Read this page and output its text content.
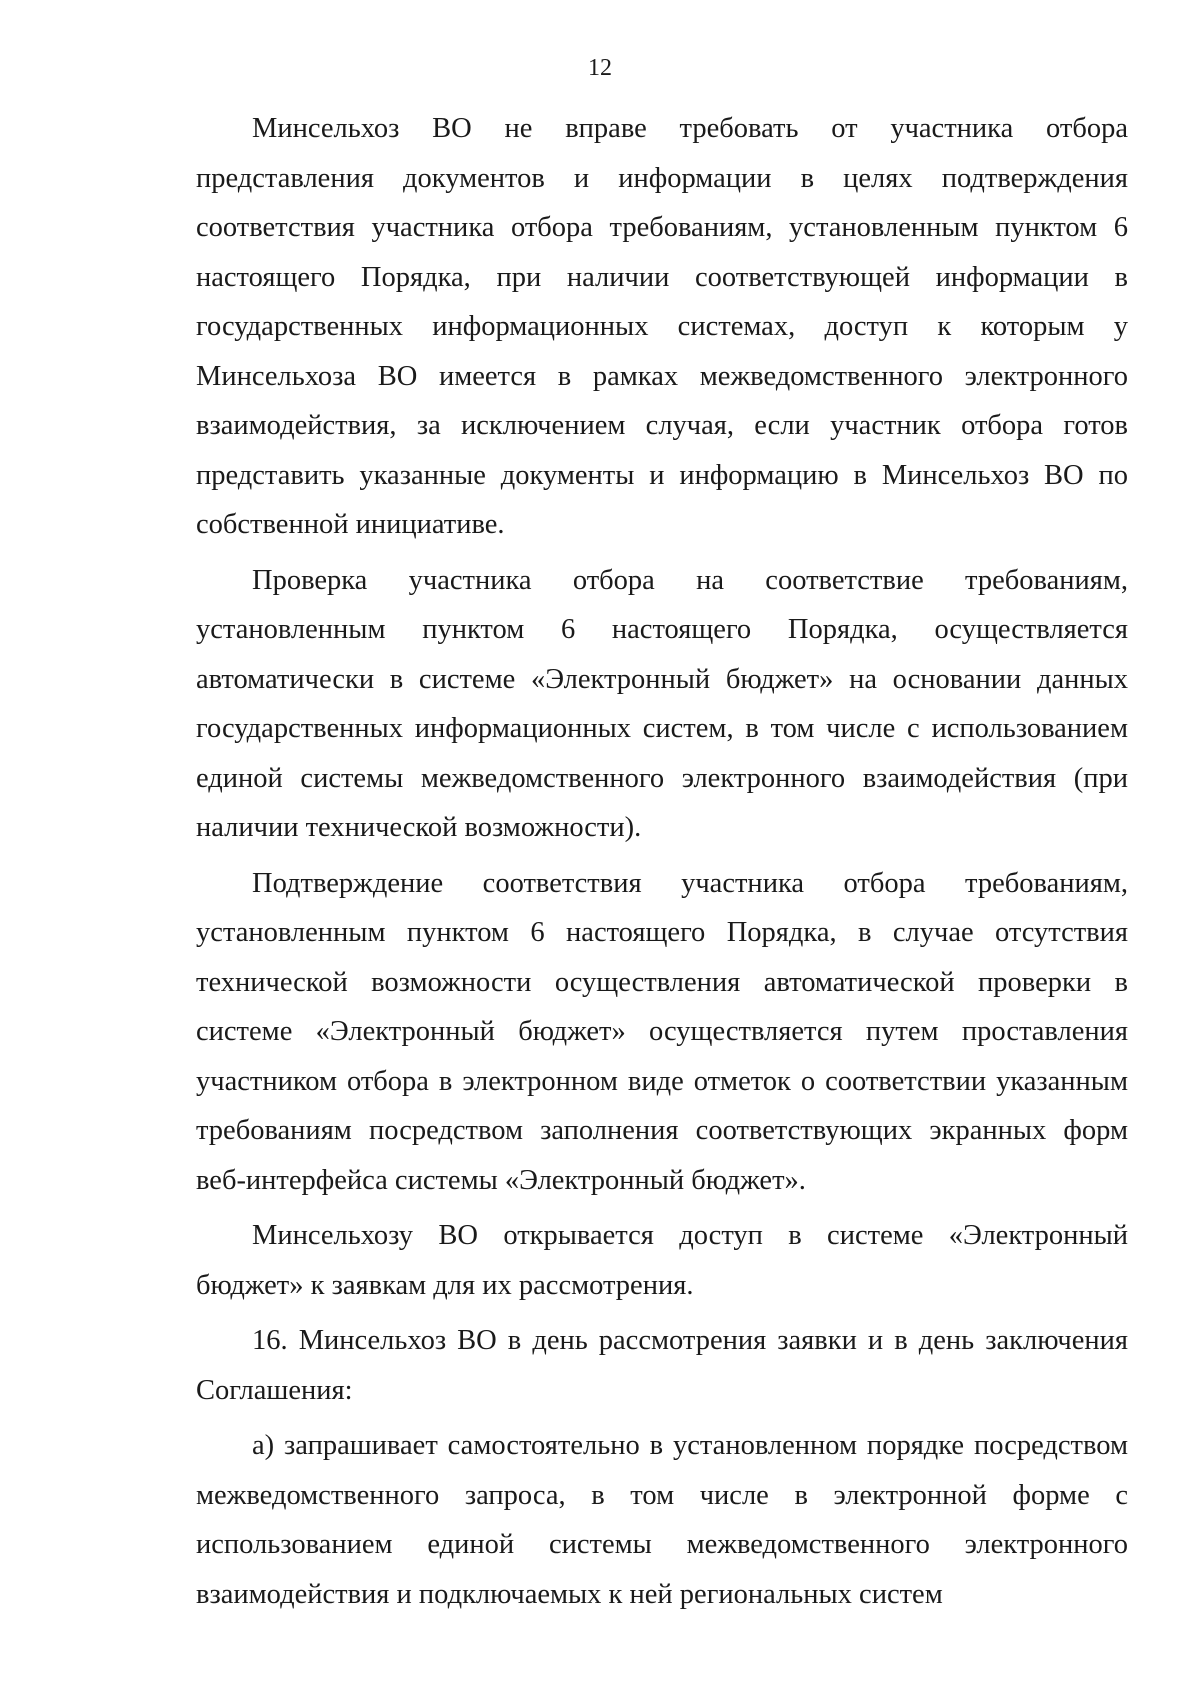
12

Минсельхоз ВО не вправе требовать от участника отбора представления документов и информации в целях подтверждения соответствия участника отбора требованиям, установленным пунктом 6 настоящего Порядка, при наличии соответствующей информации в государственных информационных системах, доступ к которым у Минсельхоза ВО имеется в рамках межведомственного электронного взаимодействия, за исключением случая, если участник отбора готов представить указанные документы и информацию в Минсельхоз ВО по собственной инициативе.

Проверка участника отбора на соответствие требованиям, установленным пунктом 6 настоящего Порядка, осуществляется автоматически в системе «Электронный бюджет» на основании данных государственных информационных систем, в том числе с использованием единой системы межведомственного электронного взаимодействия (при наличии технической возможности).

Подтверждение соответствия участника отбора требованиям, установленным пунктом 6 настоящего Порядка, в случае отсутствия технической возможности осуществления автоматической проверки в системе «Электронный бюджет» осуществляется путем проставления участником отбора в электронном виде отметок о соответствии указанным требованиям посредством заполнения соответствующих экранных форм веб-интерфейса системы «Электронный бюджет».

Минсельхозу ВО открывается доступ в системе «Электронный бюджет» к заявкам для их рассмотрения.

16. Минсельхоз ВО в день рассмотрения заявки и в день заключения Соглашения:

а) запрашивает самостоятельно в установленном порядке посредством межведомственного запроса, в том числе в электронной форме с использованием единой системы межведомственного электронного взаимодействия и подключаемых к ней региональных систем
